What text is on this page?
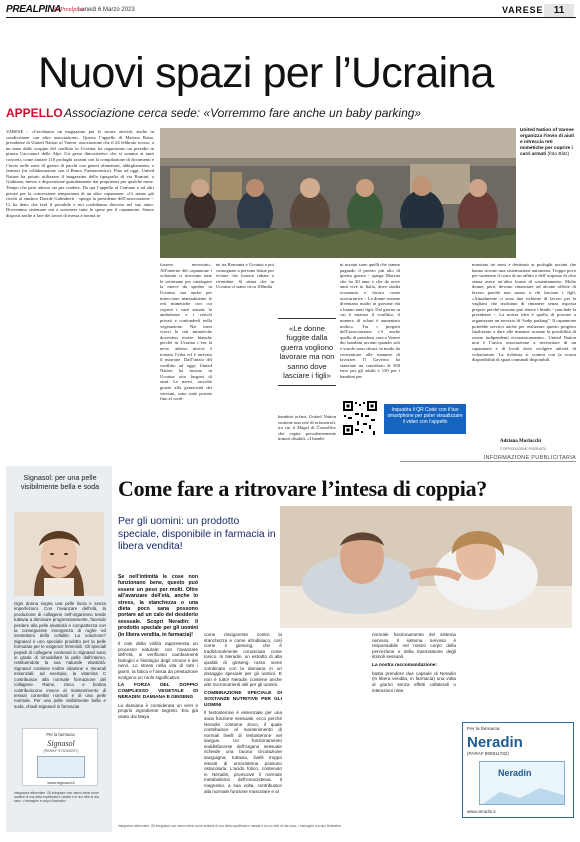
PREALPINA
la Prealpina
Lunedì 6 Marzo 2023	VARESE	11
Nuovi spazi per l’Ucraina
APPELLO Associazione cerca sede: «Vorremmo fare anche un baby parking»
United Nation of Varese organizza l’invio di aiuti e intreccia reti mimetiche per coprire i carri armati (foto Blitz)
VARESE - «Cerchiamo un magazzino per le nostre attività, anche in condivisione con altre associazioni». Questo l’appello di Maryna Rotar, presidente di United Nation of Varese, associazione che il 24 febbraio scorso, a un anno dallo scoppio del conflitto in Ucraina, ha organizzato un presidio in piazza Cacciatori delle Alpi. Un gesto dimostrativo che si somma ai tanti concreti, come aiutare 110 profughi ucraini con la compilazione di documenti e l’invio nelle zone di guerra di parchi con generi alimentari, abbigliamento, e farmaci (in collaborazione con il Banco Farmaceutico). Fino ad oggi, United Nation ha potuto utilizzare il magazzino della tipografia di via Romini, a Giubiano, messo a disposizione gratuitamente dai proprietari per qualche mese. Tempo che però adesso sta per scadere. Da qui l’appello al Comune o ad altri privati per la concessione temporanea di un altro capannone. «Ci siamo già rivolti al sindaco Davide Galimberti - spiega la presidente dell’associazione -. Ci ha detto che farà il possibile e noi confidiamo davvero nel suo aiuto. Dovremmo sistemare noi a sostenere tutte le spese per il capannone. Siamo disposti anche a fare dei lavori di messa a norma se
fossero necessari». All’interno del capannone i volontari ci ritrovano tutte le settimane per catalogare la merce da spedire in Ucraina, ma anche per intrecciare manualmente le reti mimetiche con cui coprire i carri armati, le ambulanze e i veicoli privati e confonderli nella vegetazione. Nei mesi scorsi le reti mimetiche dovevano essere bianche perché in Ucraina c’era la neve, adesso invece è tornata l’erba ed è arrivato il marrone. Dall’inizio del conflitto ad oggi, United Nation ha inviato in Ucraina otto furgoni di aiuti. Le merci, raccolte grazie alla generosità dei varesini, sono state portate fino al confi-
ne tra Romania e Ucraina e poi consegnate a persone fidate per evitare che fossero rubate o rivendute. Si stima che in Ucraina ci siano circa 100mila
«Le donne fuggite dalla guerra vogliono lavorare ma non sanno dove lasciare i figli»
bambini orfani. United Nation sostiene una rete di orfanotrofi, tra cui il Magal di Čornoľitiv che ospita prevalentemente minori disabili. «I bambi-
ni ucraini sono quelli che stanno pagando il prezzo più alto di questa guerra - spiega Maryna che ha 30 anni e che da nove anni vive in Italia, dove studia economia e lavora come assicuratrice -. Le donne ucraine diventano madri in giovane età e hanno tanti figli. Dal giorno in cui è iniziato il conflitto, il numero di orfani è aumentato molto». Tra i progetti dell’associazione c’è anche quello di prendersi cura a Varese dei bambini ucraini quando soli e scuole sono chiusi, in modo da concentrare alle mamme di lavorare. Il Governo ha stanziato un contributo di 300 euro per gli adulti e 150 per i bambini per
massimo tre mesi e destinato ai profughi ucraini che hanno trovato una sistemazione autonoma. Troppo poco per sostenere il costo di un affitto e dell’acquisto di cibo senza avere un’altra forma di sostentamento. Molte donne, però, devono rinunciare ad alcune offerte di lavoro perché non sanno a chi lasciare i figli. «Attualmente ci sono due richieste di lavoro per la vagliatti che rischiano di rimanere senza risposta proprio perché nessuno può tenere i bimbi - conclude la presidente -. La nostra idea è quella di provare a organizzare un servizio di “baby parking”. Il capannone potrebbe servirci anche per realizzare questo progetto finalizzato a dare alle mamme ucraine la possibilità di essere indipendenti economicamente». United Nation non è l’unica associazione a necessitare di un capannone e di locali dove svolgere attività di volontariato. La richiesta si scontra con la scarsa disponibilità di spazi comunali disponibili.
Inquadra il QR Code con il tuo smartphone per poter visualizzare il video con l’appello
Adriana Morlacchi
© RIPRODUZIONE RISERVATA
INFORMAZIONE PUBBLICITARIA
Signasol: per una pelle visibilmente bella e soda
Ogni donna sogna una pelle liscia e senza imperfezioni. Con l’avanzare dell’età, la produzione di collagene nell’organismo tende tuttavia a diminuire progressivamente, facendo perdere alla pelle elasticità e compattezza con la conseguente insorgenza di rughe ed inestetismi della cellulite. La soluzione? Signasol è uno speciale prodotto per la pelle formulato per le esigenze femminili. Gli speciali peptidi di collagene contenuti in Signasol sono in grado di rimodellare la pelle dall’interno, restituendole la sua naturale elasticità. Signasol contiene inoltre vitamine e minerali essenziali: ad esempio, la vitamina C contribuisce alla normale formazione del collagene. Rame, zinco e biotina contribuiscono invece al mantenimento di tessuti connettivi normali e di una pelle normale. Per una pelle visibilmente bella e soda, chiedi Signasol in farmacia!
Per la farmacia:
Signasol
(PARAF 973069257)
www.signasol.it
Integratore alimentare. Gli integratori non vanno intesi come sostituti di una dieta equilibrata e variata e di uno stile di vita sano. • Immagine a scopo illustrativo
Come fare a ritrovare l’intesa di coppia?
Per gli uomini: un prodotto speciale, disponibile in farmacia in libera vendita!

Se nell’intimità le cose non funzionano bene, questo può essere un peso per molti. Oltre all’avanzare dell’età, anche lo stress, la stanchezza o una dieta poco sana possono portare ad un calo del desiderio sessuale. Scopri Neradin: il prodotto speciale per gli uomini (in libera vendita, in farmacia)!

Il calo della virilità rappresenta un processo naturale; con l’avanzare dell’età, si verificano cambiamenti biologici e fisiologici degli ormoni e dei nervi. Lo stress nella vita di tutti i giorni, la fatica e l’ansia da prestazione svolgono un ruolo significativo.

LA FORZA DEL DOPPIO COMPLESSO VEGETALE DI NERADIN: DAMIANA E GINSENG

La damiana è considerata un vero e proprio ingrediente segreto. Era già usato dai Maya

come rinvigorente contro la stanchezza e come afrodisiaco, così come il ginseng, che è tradizionalmente conosciuto come tonico. In Neradin, un estratto di alta qualità di ginseng rosso viene combinato con la damiana in un dosaggio speciale per gli uomini. E non è tutto! Neradin contiene anche altri micronutrienti utili per gli uomini.

COMBINAZIONE SPECIALE DI SOSTANZE NUTRITIVE PER GLI UOMINI

Il testosterone è essenziale per una sana funzione sessuale, ecco perché Neradin contiene zinco, il quale contribuisce al mantenimento di normali livelli di testosterone nel sangue. Un funzionamento soddisfacente dell’organo sessuale richiede una buona circolazione sanguigna; tuttavia, livelli troppo elevati di omocisteina possono ostacolarla. L’acido folico, contenuto in Neradin, promuove il normale metabolismo dell’omocisteina. Il magnesio, a sua volta, contribuisce alla normale funzione muscolare e al

normale funzionamento del sistema nervoso. Il sistema nervoso è responsabile nel nostro corpo della percezione e della trasmissione degli stimoli sessuali.

La nostra raccomandazione:

basta prendere due capsule di Neradin (in libera vendita, in farmacia) una volta al giorno senza effetti collaterali o interazioni note.

Per la farmacia:
Neradin
(PARAF 980911782)
Neradin
www.neradin.it
Integratore alimentare. Gli integratori non vanno intesi come sostituti di una dieta equilibrata e variata e di uno stile di vita sano. • Immagine a scopo illustrativo
